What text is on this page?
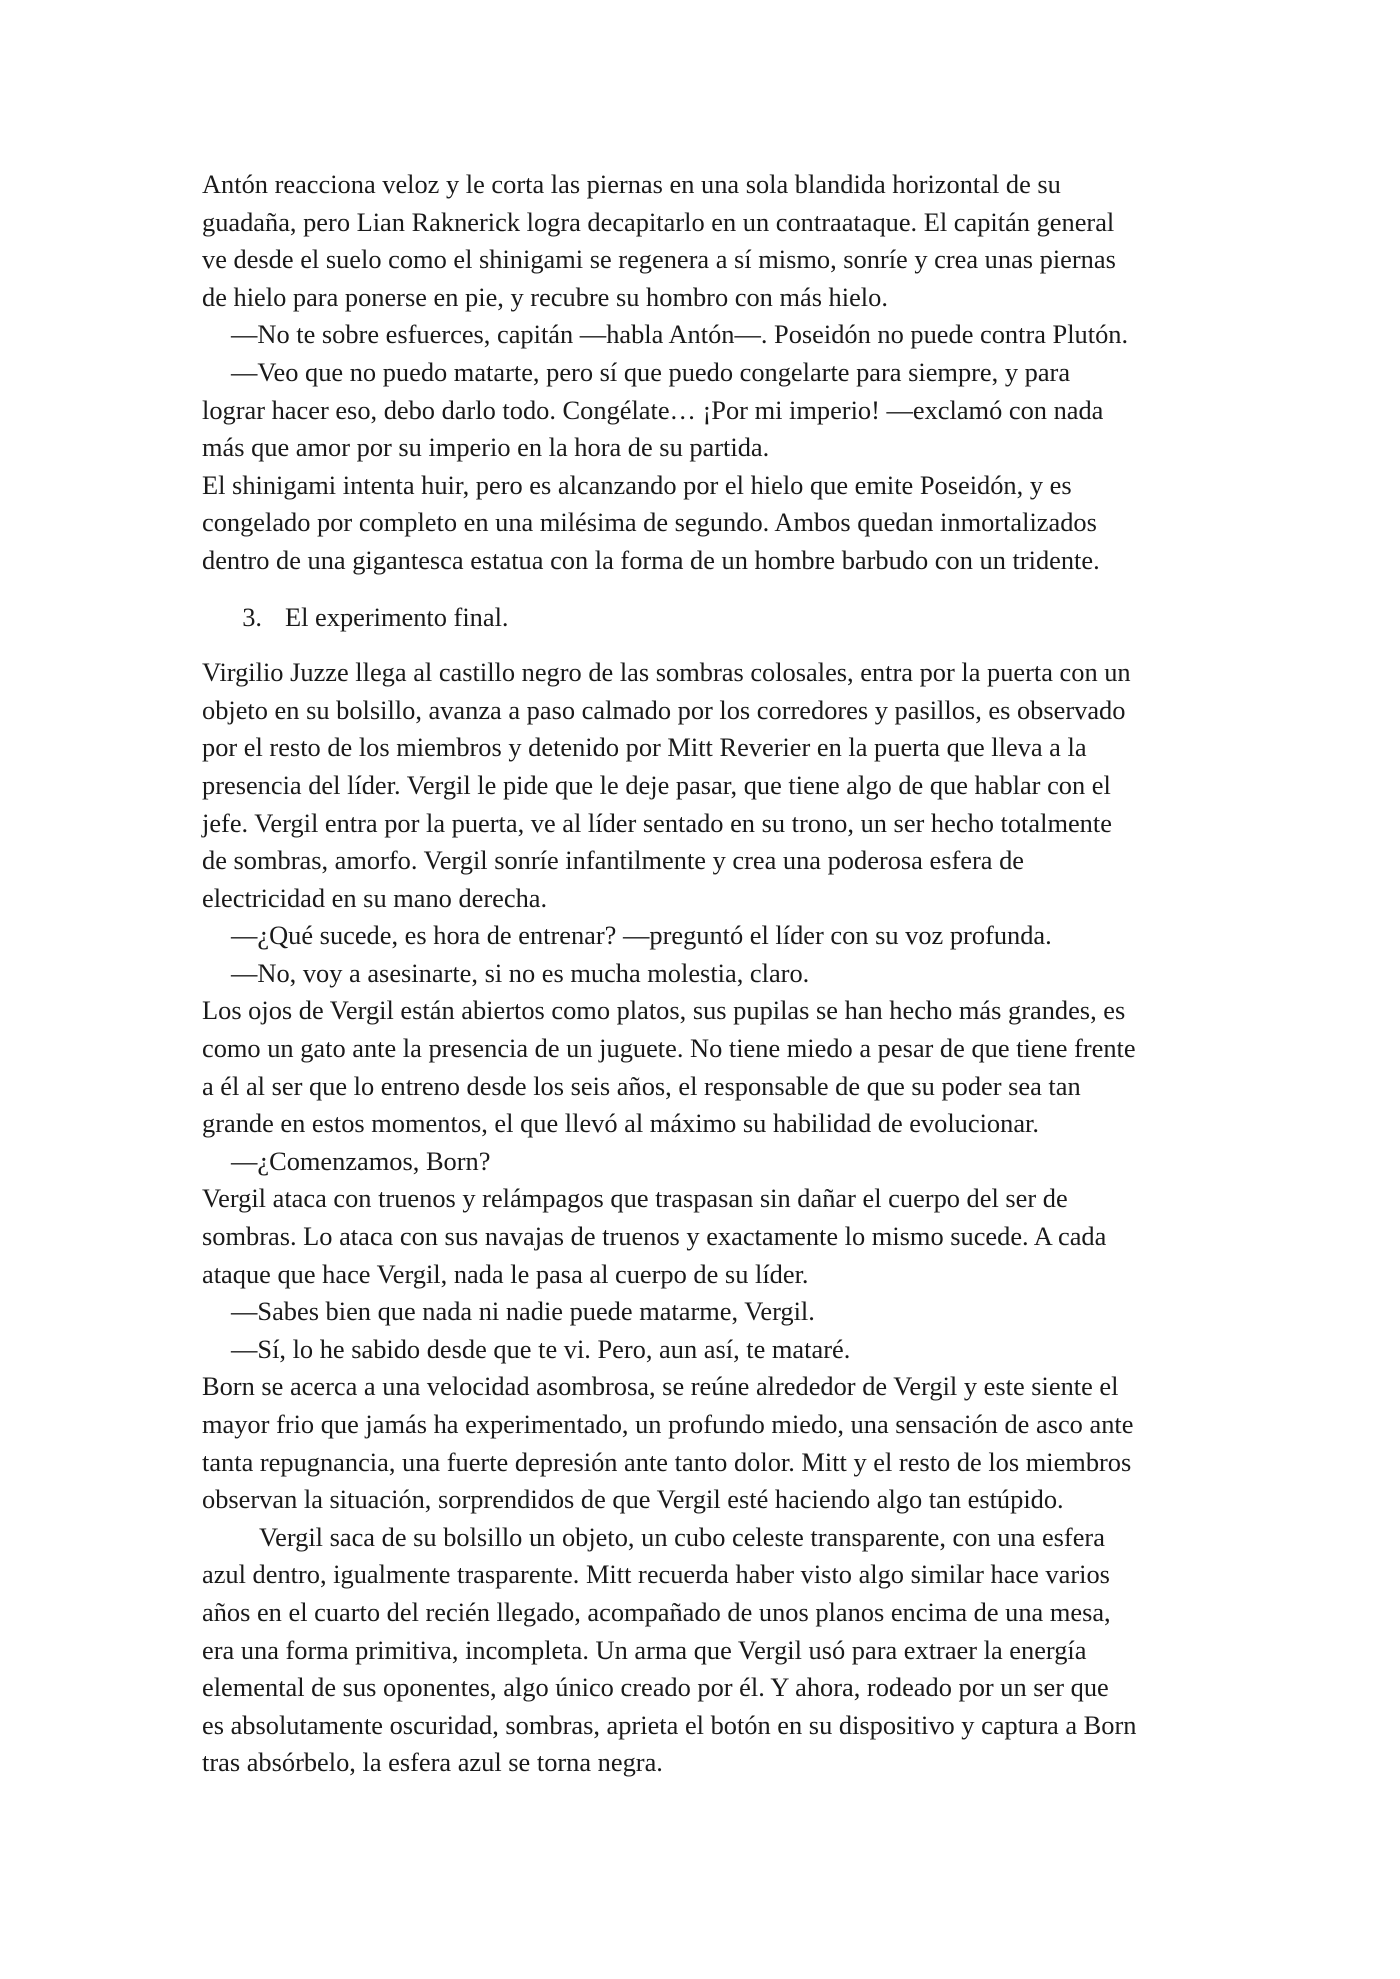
Antón reacciona veloz y le corta las piernas en una sola blandida horizontal de su
guadaña, pero Lian Raknerick logra decapitarlo en un contraataque. El capitán general
ve desde el suelo como el shinigami se regenera a sí mismo, sonríe y crea unas piernas
de hielo para ponerse en pie, y recubre su hombro con más hielo.

—No te sobre esfuerces, capitán —habla Antón—. Poseidón no puede contra Plutón.

—Veo que no puedo matarte, pero sí que puedo congelarte para siempre, y para
lograr hacer eso, debo darlo todo. Congélate… ¡Por mi imperio! —exclamó con nada
más que amor por su imperio en la hora de su partida.

El shinigami intenta huir, pero es alcanzando por el hielo que emite Poseidón, y es
congelado por completo en una milésima de segundo. Ambos quedan inmortalizados
dentro de una gigantesca estatua con la forma de un hombre barbudo con un tridente.

3. El experimento final.

Virgilio Juzze llega al castillo negro de las sombras colosales, entra por la puerta con un
objeto en su bolsillo, avanza a paso calmado por los corredores y pasillos, es observado
por el resto de los miembros y detenido por Mitt Reverier en la puerta que lleva a la
presencia del líder. Vergil le pide que le deje pasar, que tiene algo de que hablar con el
jefe. Vergil entra por la puerta, ve al líder sentado en su trono, un ser hecho totalmente
de sombras, amorfo. Vergil sonríe infantilmente y crea una poderosa esfera de
electricidad en su mano derecha.

—¿Qué sucede, es hora de entrenar? —preguntó el líder con su voz profunda.

—No, voy a asesinarte, si no es mucha molestia, claro.

Los ojos de Vergil están abiertos como platos, sus pupilas se han hecho más grandes, es
como un gato ante la presencia de un juguete. No tiene miedo a pesar de que tiene frente
a él al ser que lo entreno desde los seis años, el responsable de que su poder sea tan
grande en estos momentos, el que llevó al máximo su habilidad de evolucionar.

—¿Comenzamos, Born?

Vergil ataca con truenos y relámpagos que traspasan sin dañar el cuerpo del ser de
sombras. Lo ataca con sus navajas de truenos y exactamente lo mismo sucede. A cada
ataque que hace Vergil, nada le pasa al cuerpo de su líder.

—Sabes bien que nada ni nadie puede matarme, Vergil.

—Sí, lo he sabido desde que te vi. Pero, aun así, te mataré.

Born se acerca a una velocidad asombrosa, se reúne alrededor de Vergil y este siente el
mayor frio que jamás ha experimentado, un profundo miedo, una sensación de asco ante
tanta repugnancia, una fuerte depresión ante tanto dolor. Mitt y el resto de los miembros
observan la situación, sorprendidos de que Vergil esté haciendo algo tan estúpido.

Vergil saca de su bolsillo un objeto, un cubo celeste transparente, con una esfera
azul dentro, igualmente trasparente. Mitt recuerda haber visto algo similar hace varios
años en el cuarto del recién llegado, acompañado de unos planos encima de una mesa,
era una forma primitiva, incompleta. Un arma que Vergil usó para extraer la energía
elemental de sus oponentes, algo único creado por él. Y ahora, rodeado por un ser que
es absolutamente oscuridad, sombras, aprieta el botón en su dispositivo y captura a Born
tras absórbelo, la esfera azul se torna negra.
